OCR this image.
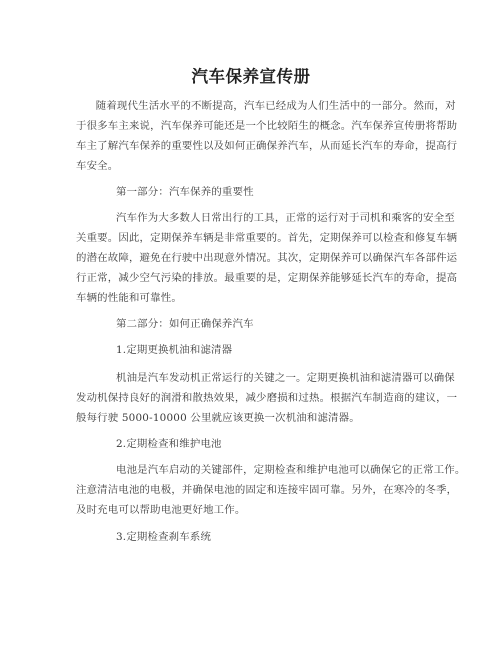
汽车保养宣传册
随着现代生活水平的不断提高，汽车已经成为人们生活中的一部分。然而，对
于很多车主来说，汽车保养可能还是一个比较陌生的概念。汽车保养宣传册将帮助
车主了解汽车保养的重要性以及如何正确保养汽车，从而延长汽车的寿命，提高行
车安全。
第一部分：汽车保养的重要性
汽车作为大多数人日常出行的工具，正常的运行对于司机和乘客的安全至
关重要。因此，定期保养车辆是非常重要的。首先，定期保养可以检查和修复车辆
的潜在故障，避免在行驶中出现意外情况。其次，定期保养可以确保汽车各部件运
行正常，减少空气污染的排放。最重要的是，定期保养能够延长汽车的寿命，提高
车辆的性能和可靠性。
第二部分：如何正确保养汽车
1.定期更换机油和滤清器
机油是汽车发动机正常运行的关键之一。定期更换机油和滤清器可以确保
发动机保持良好的润滑和散热效果，减少磨损和过热。根据汽车制造商的建议，一
般每行驶 5000-10000 公里就应该更换一次机油和滤清器。
2.定期检查和维护电池
电池是汽车启动的关键部件，定期检查和维护电池可以确保它的正常工作。
注意清洁电池的电极，并确保电池的固定和连接牢固可靠。另外，在寒冷的冬季，
及时充电可以帮助电池更好地工作。
3.定期检查刹车系统
